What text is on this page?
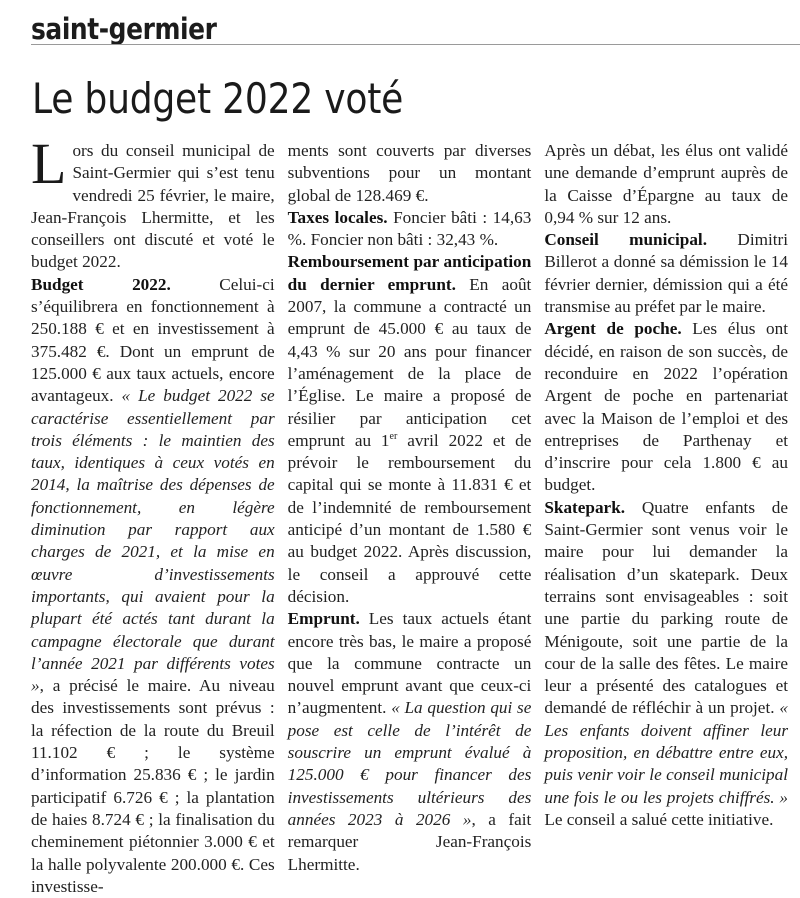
saint-germier
Le budget 2022 voté

Lors du conseil municipal de Saint-Germier qui s’est tenu vendredi 25 février, le maire, Jean-François Lhermitte, et les conseillers ont discuté et voté le budget 2022.

Budget 2022. Celui-ci s’équilibrera en fonctionnement à 250.188 € et en investissement à 375.482 €. Dont un emprunt de 125.000 € aux taux actuels, encore avantageux. « Le budget 2022 se caractérise essentiellement par trois éléments : le maintien des taux, identiques à ceux votés en 2014, la maîtrise des dépenses de fonctionnement, en légère diminution par rapport aux charges de 2021, et la mise en œuvre d’investissements importants, qui avaient pour la plupart été actés tant durant la campagne électorale que durant l’année 2021 par différents votes », a précisé le maire. Au niveau des investissements sont prévus : la réfection de la route du Breuil 11.102 € ; le système d’information 25.836 € ; le jardin participatif 6.726 € ; la plantation de haies 8.724 € ; la finalisation du cheminement piétonnier 3.000 € et la halle polyvalente 200.000 €. Ces investisse-

ments sont couverts par diverses subventions pour un montant global de 128.469 €.

Taxes locales. Foncier bâti : 14,63 %. Foncier non bâti : 32,43 %.

Remboursement par anticipation du dernier emprunt. En août 2007, la commune a contracté un emprunt de 45.000 € au taux de 4,43 % sur 20 ans pour financer l’aménagement de la place de l’Église. Le maire a proposé de résilier par anticipation cet emprunt au 1er avril 2022 et de prévoir le remboursement du capital qui se monte à 11.831 € et de l’indemnité de remboursement anticipé d’un montant de 1.580 € au budget 2022. Après discussion, le conseil a approuvé cette décision.

Emprunt. Les taux actuels étant encore très bas, le maire a proposé que la commune contracte un nouvel emprunt avant que ceux-ci n’augmentent. « La question qui se pose est celle de l’intérêt de souscrire un emprunt évalué à 125.000 € pour financer des investissements ultérieurs des années 2023 à 2026 », a fait remarquer Jean-François Lhermitte.

Après un débat, les élus ont validé une demande d’emprunt auprès de la Caisse d’Épargne au taux de 0,94 % sur 12 ans.

Conseil municipal. Dimitri Billerot a donné sa démission le 14 février dernier, démission qui a été transmise au préfet par le maire.

Argent de poche. Les élus ont décidé, en raison de son succès, de reconduire en 2022 l’opération Argent de poche en partenariat avec la Maison de l’emploi et des entreprises de Parthenay et d’inscrire pour cela 1.800 € au budget.

Skatepark. Quatre enfants de Saint-Germier sont venus voir le maire pour lui demander la réalisation d’un skatepark. Deux terrains sont envisageables : soit une partie du parking route de Ménigoute, soit une partie de la cour de la salle des fêtes. Le maire leur a présenté des catalogues et demandé de réfléchir à un projet. « Les enfants doivent affiner leur proposition, en débattre entre eux, puis venir voir le conseil municipal une fois le ou les projets chiffrés. » Le conseil a salué cette initiative.
